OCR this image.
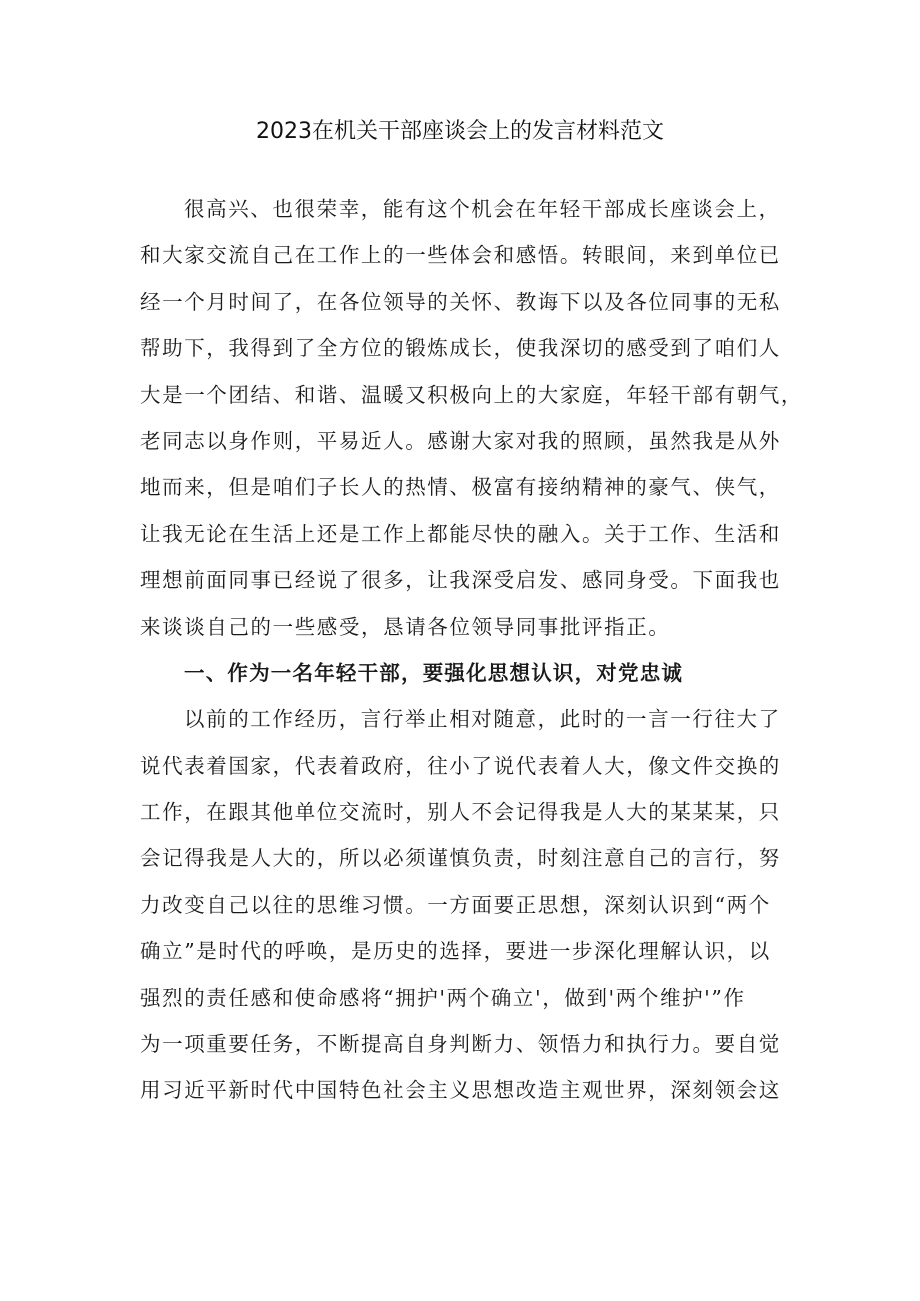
2023在机关干部座谈会上的发言材料范文
很高兴、也很荣幸，能有这个机会在年轻干部成长座谈会上，
和大家交流自己在工作上的一些体会和感悟。转眼间，来到单位已
经一个月时间了，在各位领导的关怀、教诲下以及各位同事的无私
帮助下，我得到了全方位的锻炼成长，使我深切的感受到了咱们人
大是一个团结、和谐、温暖又积极向上的大家庭，年轻干部有朝气，
老同志以身作则，平易近人。感谢大家对我的照顾，虽然我是从外
地而来，但是咱们子长人的热情、极富有接纳精神的豪气、侠气，
让我无论在生活上还是工作上都能尽快的融入。关于工作、生活和
理想前面同事已经说了很多，让我深受启发、感同身受。下面我也
来谈谈自己的一些感受，恳请各位领导同事批评指正。
一、作为一名年轻干部，要强化思想认识，对党忠诚
以前的工作经历，言行举止相对随意，此时的一言一行往大了
说代表着国家，代表着政府，往小了说代表着人大，像文件交换的
工作，在跟其他单位交流时，别人不会记得我是人大的某某某，只
会记得我是人大的，所以必须谨慎负责，时刻注意自己的言行，努
力改变自己以往的思维习惯。一方面要正思想，深刻认识到“两个
确立”是时代的呼唤，是历史的选择，要进一步深化理解认识，以
强烈的责任感和使命感将“拥护'两个确立'，做到'两个维护'”作
为一项重要任务，不断提高自身判断力、领悟力和执行力。要自觉
用习近平新时代中国特色社会主义思想改造主观世界，深刻领会这
